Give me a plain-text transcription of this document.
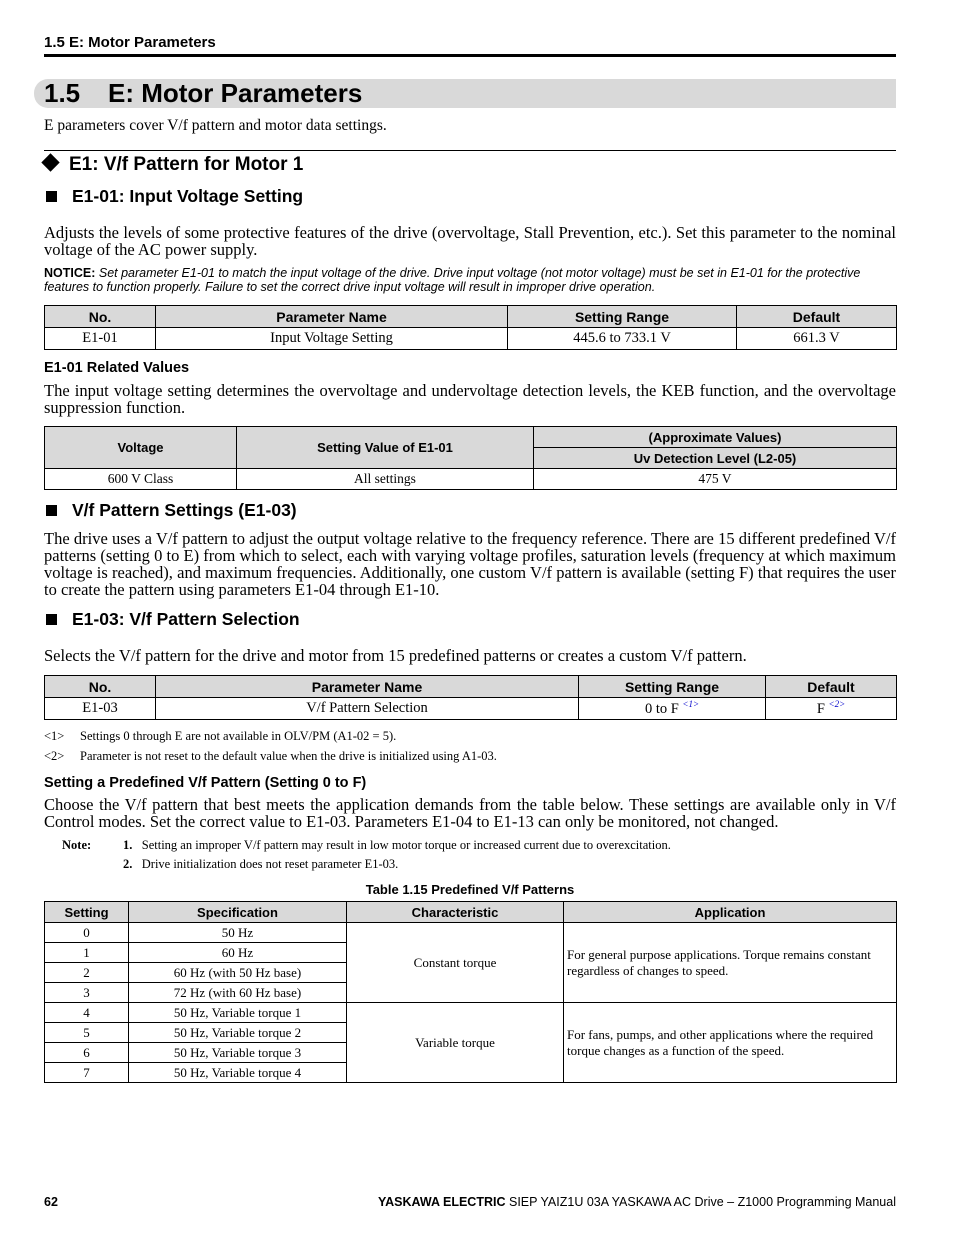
1.5 E: Motor Parameters
1.5 E: Motor Parameters
E parameters cover V/f pattern and motor data settings.
E1: V/f Pattern for Motor 1
E1-01: Input Voltage Setting
Adjusts the levels of some protective features of the drive (overvoltage, Stall Prevention, etc.). Set this parameter to the nominal voltage of the AC power supply.
NOTICE: Set parameter E1-01 to match the input voltage of the drive. Drive input voltage (not motor voltage) must be set in E1-01 for the protective features to function properly. Failure to set the correct drive input voltage will result in improper drive operation.
No.	Parameter Name	Setting Range	Default
E1-01	Input Voltage Setting	445.6 to 733.1 V	661.3 V
E1-01 Related Values
The input voltage setting determines the overvoltage and undervoltage detection levels, the KEB function, and the overvoltage suppression function.
Voltage	Setting Value of E1-01	(Approximate Values)
		Uv Detection Level (L2-05)
600 V Class	All settings	475 V
V/f Pattern Settings (E1-03)
The drive uses a V/f pattern to adjust the output voltage relative to the frequency reference. There are 15 different predefined V/f patterns (setting 0 to E) from which to select, each with varying voltage profiles, saturation levels (frequency at which maximum voltage is reached), and maximum frequencies. Additionally, one custom V/f pattern is available (setting F) that requires the user to create the pattern using parameters E1-04 through E1-10.
E1-03: V/f Pattern Selection
Selects the V/f pattern for the drive and motor from 15 predefined patterns or creates a custom V/f pattern.
No.	Parameter Name	Setting Range	Default
E1-03	V/f Pattern Selection	0 to F $^{<1>}$	F $^{<2>}$
<1> Settings 0 through E are not available in OLV/PM (A1-02 = 5).
<2> Parameter is not reset to the default value when the drive is initialized using A1-03.
Setting a Predefined V/f Pattern (Setting 0 to F)
Choose the V/f pattern that best meets the application demands from the table below. These settings are available only in V/f Control modes. Set the correct value to E1-03. Parameters E1-04 to E1-13 can only be monitored, not changed.
Note:	1. Setting an improper V/f pattern may result in low motor torque or increased current due to overexcitation.
2. Drive initialization does not reset parameter E1-03.
Table 1.15 Predefined V/f Patterns
Setting	Specification	Characteristic	Application
0	50 Hz	Constant torque	For general purpose applications. Torque remains constant regardless of changes to speed.
1	60 Hz		
2	60 Hz (with 50 Hz base)		
3	72 Hz (with 60 Hz base)		
4	50 Hz, Variable torque 1	Variable torque	For fans, pumps, and other applications where the required torque changes as a function of the speed.
5	50 Hz, Variable torque 2		
6	50 Hz, Variable torque 3		
7	50 Hz, Variable torque 4		
62	YASKAWA ELECTRIC SIEP YAIZ1U 03A YASKAWA AC Drive – Z1000 Programming Manual
